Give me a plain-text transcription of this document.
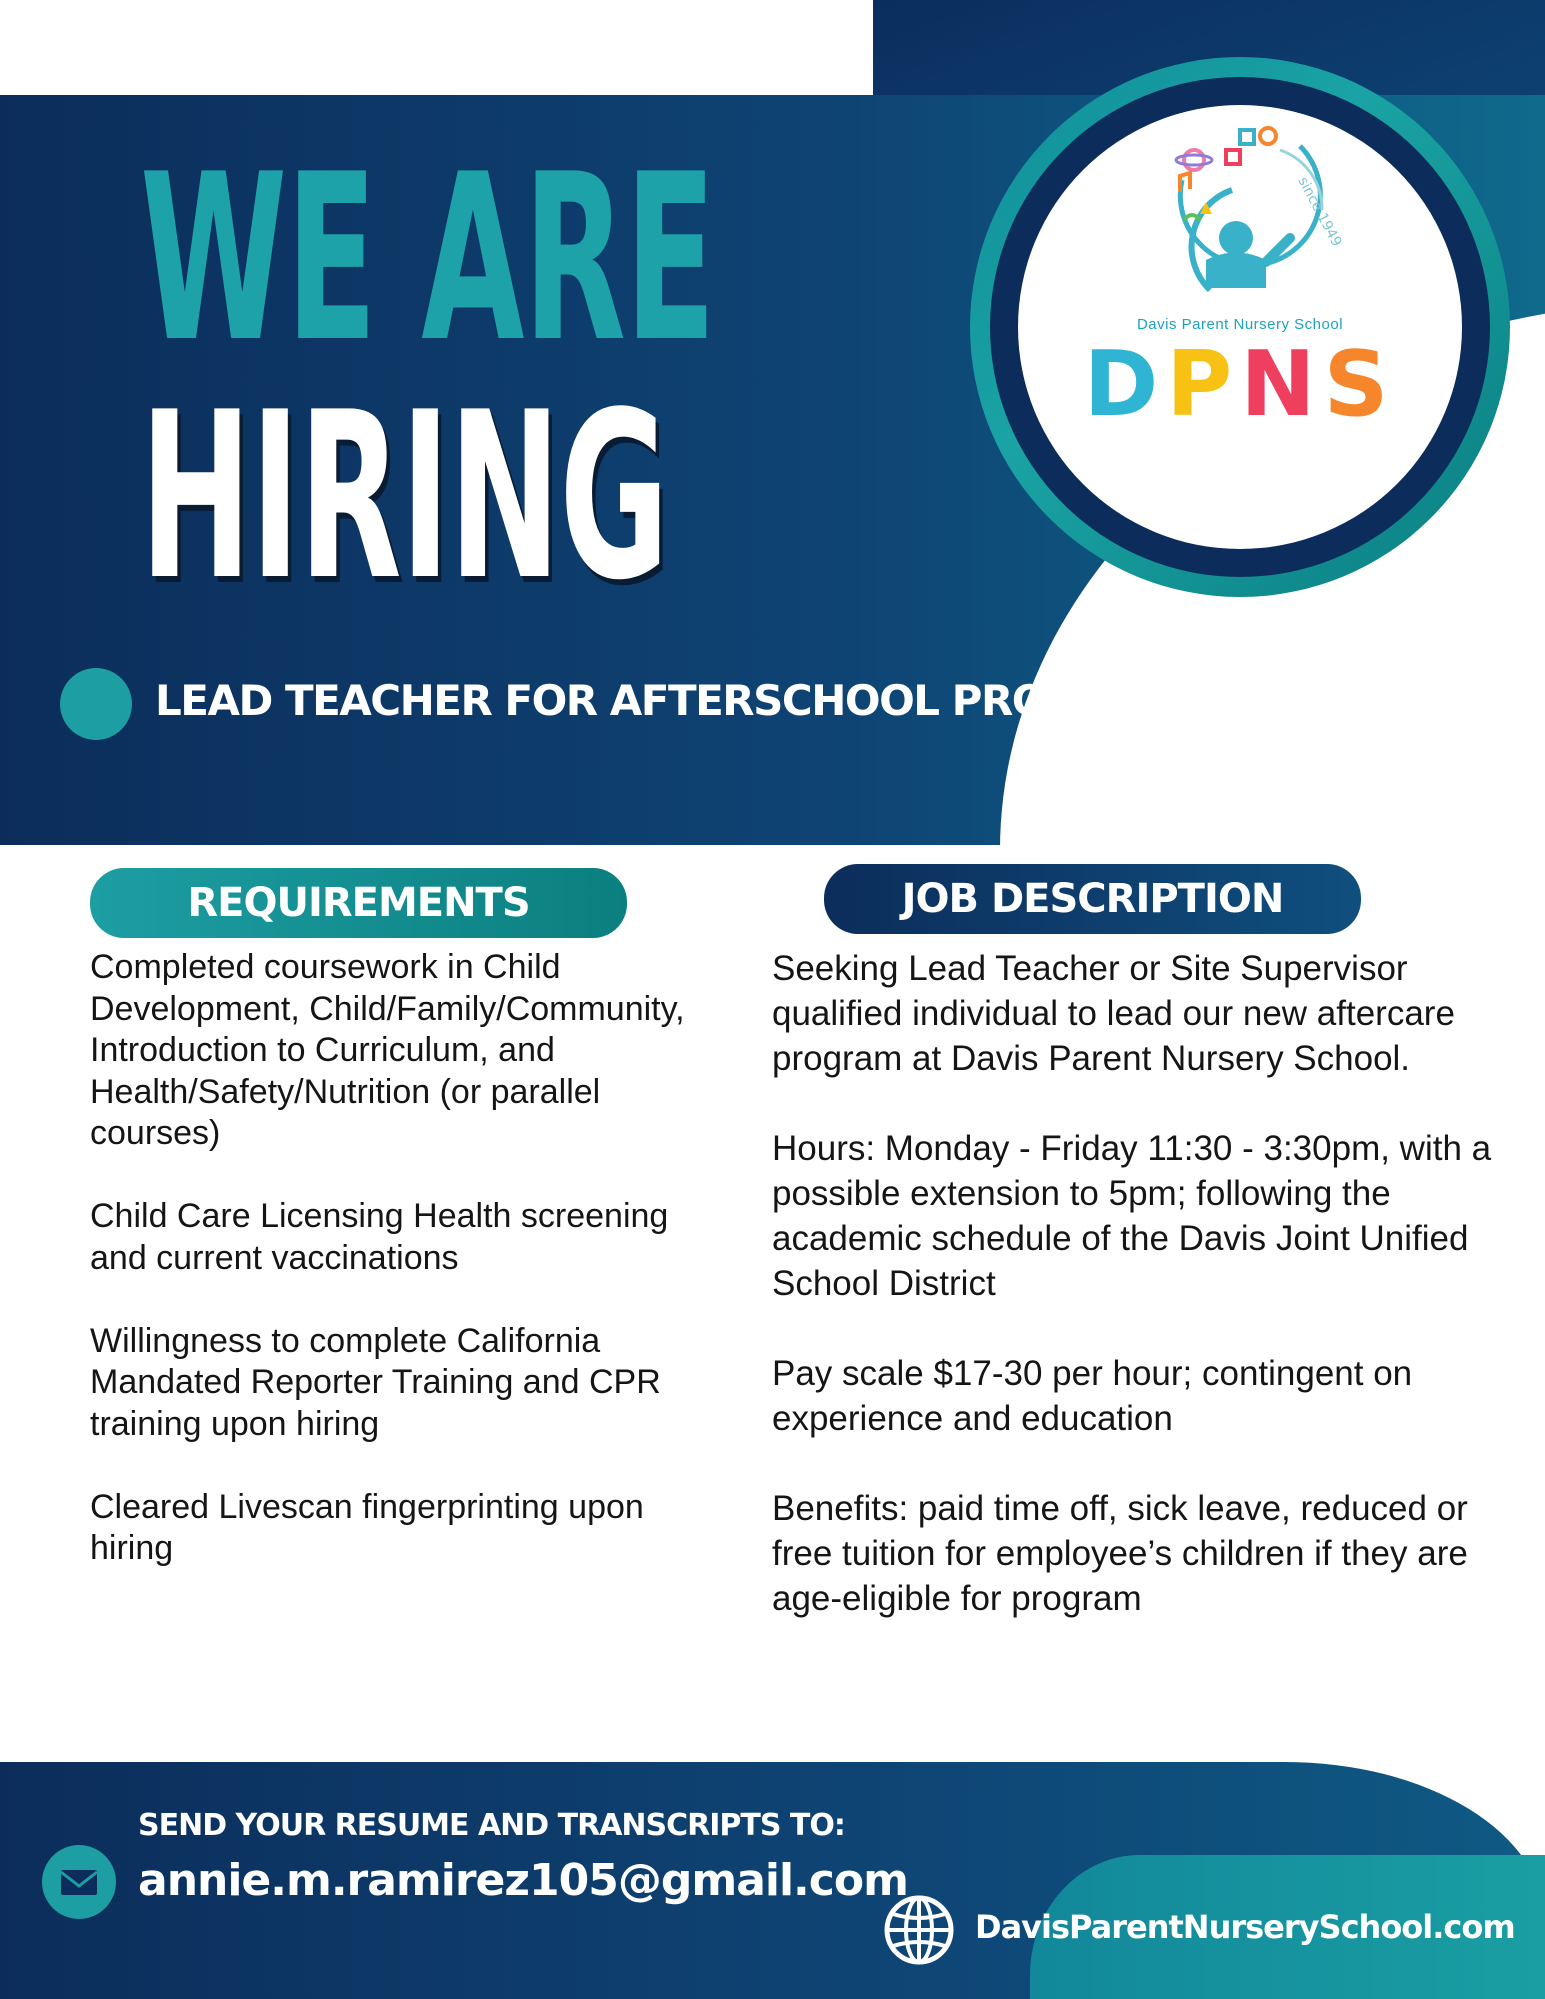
since 1949
Davis Parent Nursery School
DPNS
WE ARE
HIRING
LEAD TEACHER FOR AFTERSCHOOL PROGRAM
REQUIREMENTS	JOB DESCRIPTION

Completed coursework in Child Development, Child/Family/Community, Introduction to Curriculum, and Health/Safety/Nutrition (or parallel courses)

Child Care Licensing Health screening and current vaccinations

Willingness to complete California Mandated Reporter Training and CPR training upon hiring

Cleared Livescan fingerprinting upon hiring

Seeking Lead Teacher or Site Supervisor qualified individual to lead our new aftercare program at Davis Parent Nursery School.

Hours: Monday - Friday 11:30 - 3:30pm, with a possible extension to 5pm; following the academic schedule of the Davis Joint Unified School District

Pay scale $17-30 per hour; contingent on experience and education

Benefits: paid time off, sick leave, reduced or free tuition for employee’s children if they are age-eligible for program

SEND YOUR RESUME AND TRANSCRIPTS TO:
annie.m.ramirez105@gmail.com
DavisParentNurserySchool.com
